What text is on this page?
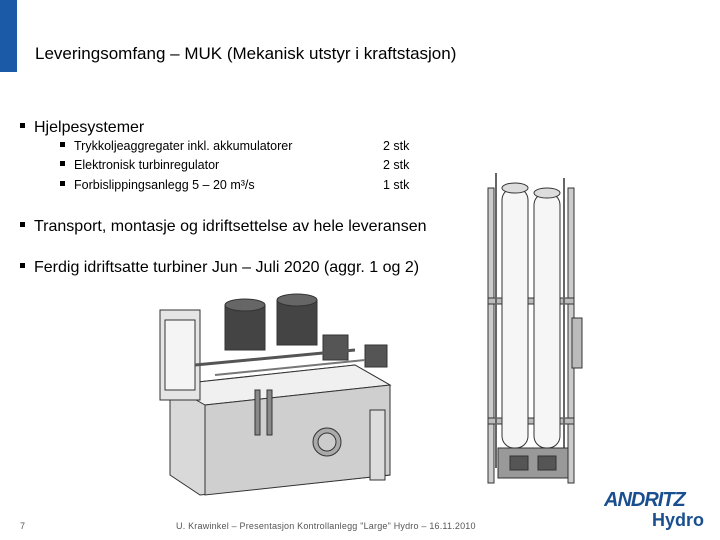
Leveringsomfang – MUK (Mekanisk utstyr i kraftstasjon)
Hjelpesystemer
Trykkoljeaggregater inkl. akkumulatorer	2 stk
Elektronisk turbinregulator	2 stk
Forbislippingsanlegg 5 – 20 m³/s	1 stk
Transport, montasje og idriftsettelse av hele leveransen
Ferdig idriftsatte turbiner Jun – Juli 2020 (aggr. 1 og 2)
7	U. Krawinkel – Presentasjon Kontrollanlegg "Large" Hydro – 16.11.2010
ANDRITZ
Hydro
